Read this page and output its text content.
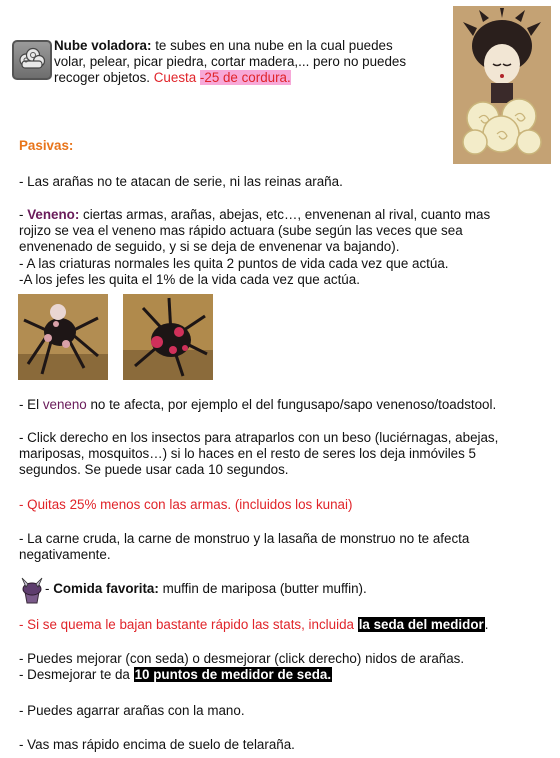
Nube voladora: te subes en una nube en la cual puedes
volar, pelear, picar piedra, cortar madera,... pero no puedes
recoger objetos. Cuesta -25 de cordura.
Pasivas:
- Las arañas no te atacan de serie, ni las reinas araña.
- Veneno: ciertas armas, arañas, abejas, etc…, envenenan al rival, cuanto mas
rojizo se vea el veneno mas rápido actuara (sube según las veces que sea
envenenado de seguido, y si se deja de envenenar va bajando).
- A las criaturas normales les quita 2 puntos de vida cada vez que actúa.
-A los jefes les quita el 1% de la vida cada vez que actúa.
- El veneno no te afecta, por ejemplo el del fungusapo/sapo venenoso/toadstool.
- Click derecho en los insectos para atraparlos con un beso (luciérnagas, abejas,
mariposas, mosquitos…) si lo haces en el resto de seres los deja inmóviles 5
segundos. Se puede usar cada 10 segundos.
- Quitas 25% menos con las armas. (incluidos los kunai)
- La carne cruda, la carne de monstruo y la lasaña de monstruo no te afecta
negativamente.
- Comida favorita: muffin de mariposa (butter muffin).
- Si se quema le bajan bastante rápido las stats, incluida la seda del medidor.
- Puedes mejorar (con seda) o desmejorar (click derecho) nidos de arañas.
- Desmejorar te da 10 puntos de medidor de seda.
- Puedes agarrar arañas con la mano.
- Vas mas rápido encima de suelo de telaraña.
